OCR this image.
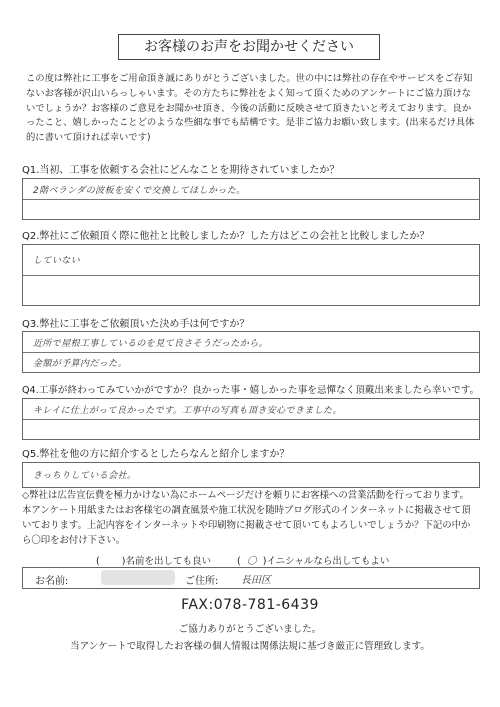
お客様のお声をお聞かせください
この度は弊社に工事をご用命頂き誠にありがとうございました。世の中には弊社の存在やサービスをご存知ないお客様が沢山いらっしゃいます。その方たちに弊社をよく知って頂くためのアンケートにご協力頂けないでしょうか？お客様のご意見をお聞かせ頂き、今後の活動に反映させて頂きたいと考えております。良かったこと、嬉しかったことどのような些細な事でも結構です。是非ご協力お願い致します。(出来るだけ具体的に書いて頂ければ幸いです)
Q1.当初、工事を依頼する会社にどんなことを期待されていましたか？
2階ベランダの波板を安くで交換してほしかった。
Q2.弊社にご依頼頂く際に他社と比較しましたか？した方はどこの会社と比較しましたか？
していない
Q3.弊社に工事をご依頼頂いた決め手は何ですか？
近所で屋根工事しているのを見て良さそうだったから。
金額が予算内だった。
Q4.工事が終わってみていかがですか？良かった事・嬉しかった事を忌憚なく頂戴出来ましたら幸いです。
キレイに仕上がって良かったです。工事中の写真も頂き安心できました。
Q5.弊社を他の方に紹介するとしたらなんと紹介しますか？
きっちりしている会社。
◇弊社は広告宣伝費を極力かけない為にホームページだけを頼りにお客様への営業活動を行っております。本アンケート用紙またはお客様宅の調査風景や施工状況を随時ブログ形式のインターネットに掲載させて頂いております。上記内容をインターネットや印刷物に掲載させて頂いてもよろしいでしょうか？下記の中から〇印をお付け下さい。
( )名前を出しても良い	( 〇 )イニシャルなら出してもよい
お名前:	ご住所: 長田区
FAX:078-781-6439
ご協力ありがとうございました。
当アンケートで取得したお客様の個人情報は関係法規に基づき厳正に管理致します。
